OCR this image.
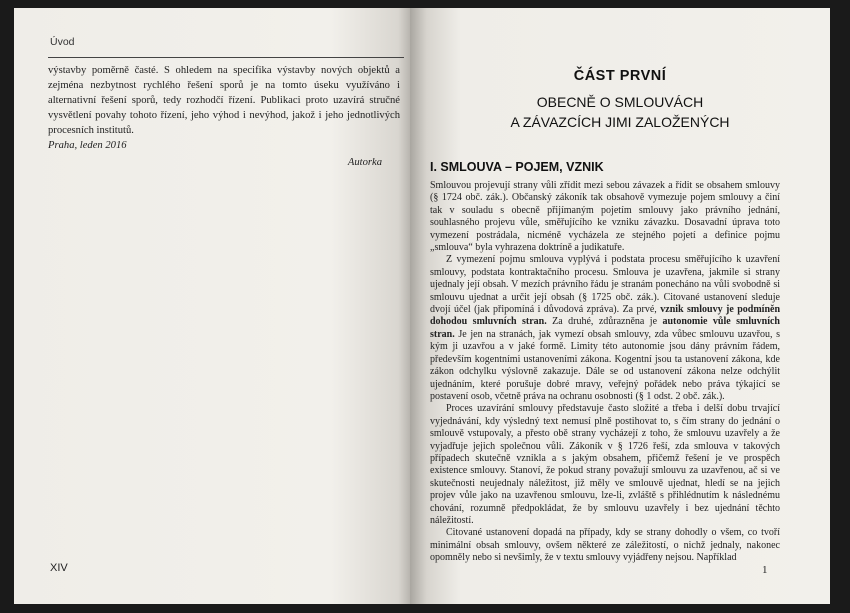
Úvod

výstavby poměrně časté. S ohledem na specifika výstavby nových objektů a zejména nezbytnost rychlého řešení sporů je na tomto úseku využíváno i alternativní řešení sporů, tedy rozhodčí řízení. Publikaci proto uzavírá stručné vysvětlení povahy tohoto řízení, jeho výhod i nevýhod, jakož i jeho jednotlivých procesních institutů.

Praha, leden 2016
Autorka
XIV
ČÁST PRVNÍ
OBECNĚ O SMLOUVÁCH
A ZÁVAZCÍCH JIMI ZALOŽENÝCH
I. SMLOUVA – POJEM, VZNIK

Smlouvou projevují strany vůli zřídit mezi sebou závazek a řídit se obsahem smlouvy (§ 1724 obč. zák.). Občanský zákoník tak obsahově vymezuje pojem smlouvy a činí tak v souladu s obecně přijímaným pojetím smlouvy jako právního jednání, souhlasného projevu vůle, směřujícího ke vzniku závazku. Dosavadní úprava toto vymezení postrádala, nicméně vycházela ze stejného pojetí a definice pojmu „smlouva“ byla vyhrazena doktríně a judikatuře.

Z vymezení pojmu smlouva vyplývá i podstata procesu směřujícího k uzavření smlouvy, podstata kontraktačního procesu. Smlouva je uzavřena, jakmile si strany ujednaly její obsah. V mezích právního řádu je stranám ponecháno na vůli svobodně si smlouvu ujednat a určit její obsah (§ 1725 obč. zák.). Citované ustanovení sleduje dvojí účel (jak připomíná i důvodová zpráva). Za prvé, vznik smlouvy je podmíněn dohodou smluvních stran. Za druhé, zdůrazněna je autonomie vůle smluvních stran. Je jen na stranách, jak vymezí obsah smlouvy, zda vůbec smlouvu uzavřou, s kým ji uzavřou a v jaké formě. Limity této autonomie jsou dány právním řádem, především kogentními ustanoveními zákona. Kogentní jsou ta ustanovení zákona, kde zákon odchylku výslovně zakazuje. Dále se od ustanovení zákona nelze odchýlit ujednáním, které porušuje dobré mravy, veřejný pořádek nebo práva týkající se postavení osob, včetně práva na ochranu osobnosti (§ 1 odst. 2 obč. zák.).

Proces uzavírání smlouvy představuje často složité a třeba i delší dobu trvající vyjednávání, kdy výsledný text nemusí plně postihovat to, s čím strany do jednání o smlouvě vstupovaly, a přesto obě strany vycházejí z toho, že smlouvu uzavřely a že vyjadřuje jejich společnou vůli. Zákoník v § 1726 řeší, zda smlouva v takových případech skutečně vznikla a s jakým obsahem, přičemž řešení je ve prospěch existence smlouvy. Stanoví, že pokud strany považují smlouvu za uzavřenou, ač si ve skutečnosti neujednaly náležitost, již měly ve smlouvě ujednat, hledí se na jejich projev vůle jako na uzavřenou smlouvu, lze-li, zvláště s přihlédnutím k následnému chování, rozumně předpokládat, že by smlouvu uzavřely i bez ujednání těchto náležitostí.

Citované ustanovení dopadá na případy, kdy se strany dohodly o všem, co tvoří minimální obsah smlouvy, ovšem některé ze záležitostí, o nichž jednaly, nakonec opomněly nebo si nevšimly, že v textu smlouvy vyjádřeny nejsou. Například

1
